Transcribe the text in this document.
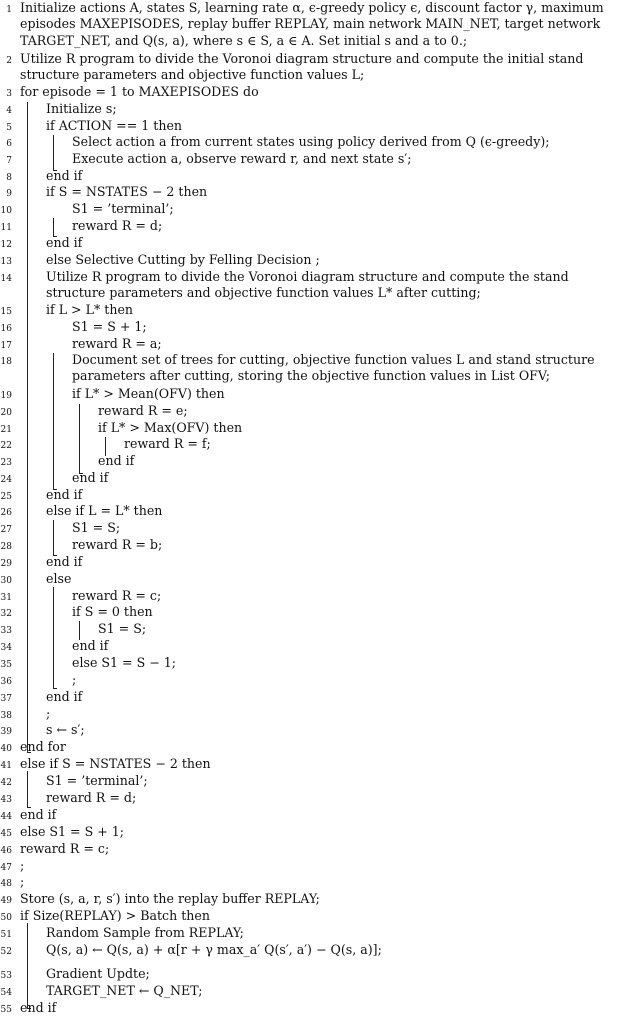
1 Initialize actions A, states S, learning rate α, ϵ-greedy policy ϵ, discount factor γ, maximum episodes MAXEPISODES, replay buffer REPLAY, main network MAIN_NET, target network TARGET_NET, and Q(s, a), where s ∈ S, a ∈ A. Set initial s and a to 0.;
2 Utilize R program to divide the Voronoi diagram structure and compute the initial stand structure parameters and objective function values L;
3 for episode = 1 to MAXEPISODES do
4	Initialize s;
5	if ACTION == 1 then
6	Select action a from current states using policy derived from Q (ϵ-greedy);
7	Execute action a, observe reward r, and next state s′;
8	end if
9	if S = NSTATES − 2 then
10	S1 = ’terminal’;
11	reward R = d;
12	end if
13	else Selective Cutting by Felling Decision ;
14	Utilize R program to divide the Voronoi diagram structure and compute the stand structure parameters and objective function values L* after cutting;
15	if L > L* then
16	S1 = S + 1;
17	reward R = a;
18	Document set of trees for cutting, objective function values L and stand structure parameters after cutting, storing the objective function values in List OFV;
19	if L* > Mean(OFV) then
20	reward R = e;
21	if L* > Max(OFV) then
22	reward R = f;
23	end if
24	end if
25	end if
26	else if L = L* then
27	S1 = S;
28	reward R = b;
29	end if
30	else
31	reward R = c;
32	if S = 0 then
33	S1 = S;
34	end if
35	else S1 = S − 1;
36	;
37	end if
38	;
39	s ← s′;
40 end for
41 else if S = NSTATES − 2 then
42	S1 = ’terminal’;
43	reward R = d;
44 end if
45 else S1 = S + 1;
46 reward R = c;
47 ;
48 ;
49 Store (s, a, r, s′) into the replay buffer REPLAY;
50 if Size(REPLAY) > Batch then
51	Random Sample from REPLAY;
52	Q(s, a) ← Q(s, a) + α[r + γ max_a′ Q(s′, a′) − Q(s, a)];
53	Gradient Updte;
54	TARGET_NET ← Q_NET;
55 end if
